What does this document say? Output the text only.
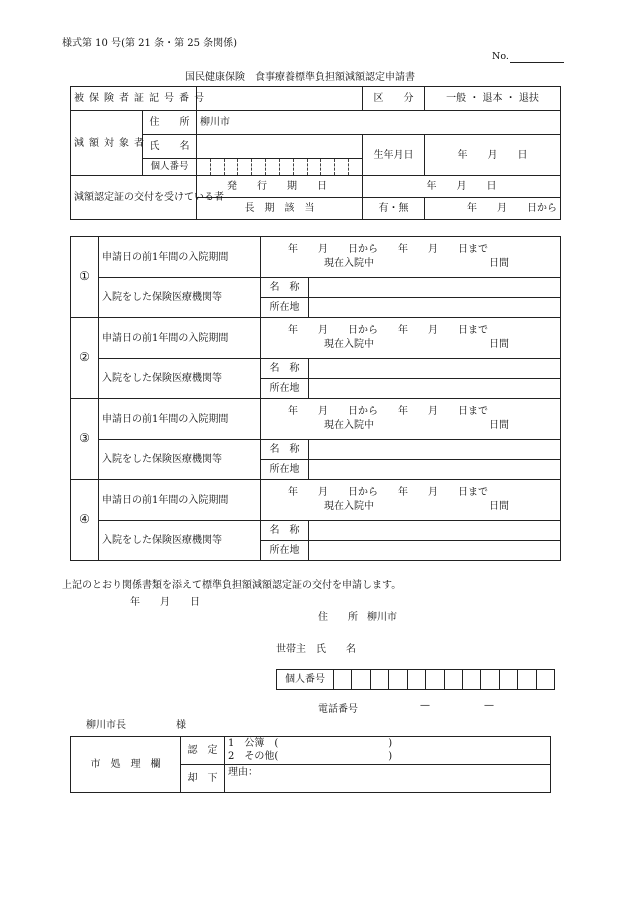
様式第 10 号(第 21 条・第 25 条関係)
No.
国民健康保険　食事療養標準負担額減額認定申請書
被保険者証記号番号			区　　分	一般 ・ 退本 ・ 退扶
減額対象者	住　　所	柳川市		
	氏　　名		生年月日	年　　月　　日
	個人番号			

減額認定証の交付を受けている者		発　行　期　日	年　　月　　日	
		長　期　該　当	有・無	年　　月　　日から
①	申請日の前1年間の入院期間	年　　月　　日から　　年　　月　　日まで
現在入院中 日間	

	入院をした保険医療機関等	名　称	
		所在地	
②	申請日の前1年間の入院期間	年　　月　　日から　　年　　月　　日まで
現在入院中 日間	

	入院をした保険医療機関等	名　称	
		所在地	
③	申請日の前1年間の入院期間	年　　月　　日から　　年　　月　　日まで
現在入院中 日間	

	入院をした保険医療機関等	名　称	
		所在地	
④	申請日の前1年間の入院期間	年　　月　　日から　　年　　月　　日まで
現在入院中 日間	

	入院をした保険医療機関等	名　称	
		所在地	
上記のとおり関係書類を添えて標準負担額減額認定証の交付を申請します。
年　　月　　日
住　　所 柳川市
世帯主　氏　　名
個人番号
電話番号	—	—
柳川市長　　　　　様
市　処　理　欄	認　定	1　公簿　(　　　　　　　　　　　)
2　その他(　　　　　　　　　　　)

	却　下	理由：
